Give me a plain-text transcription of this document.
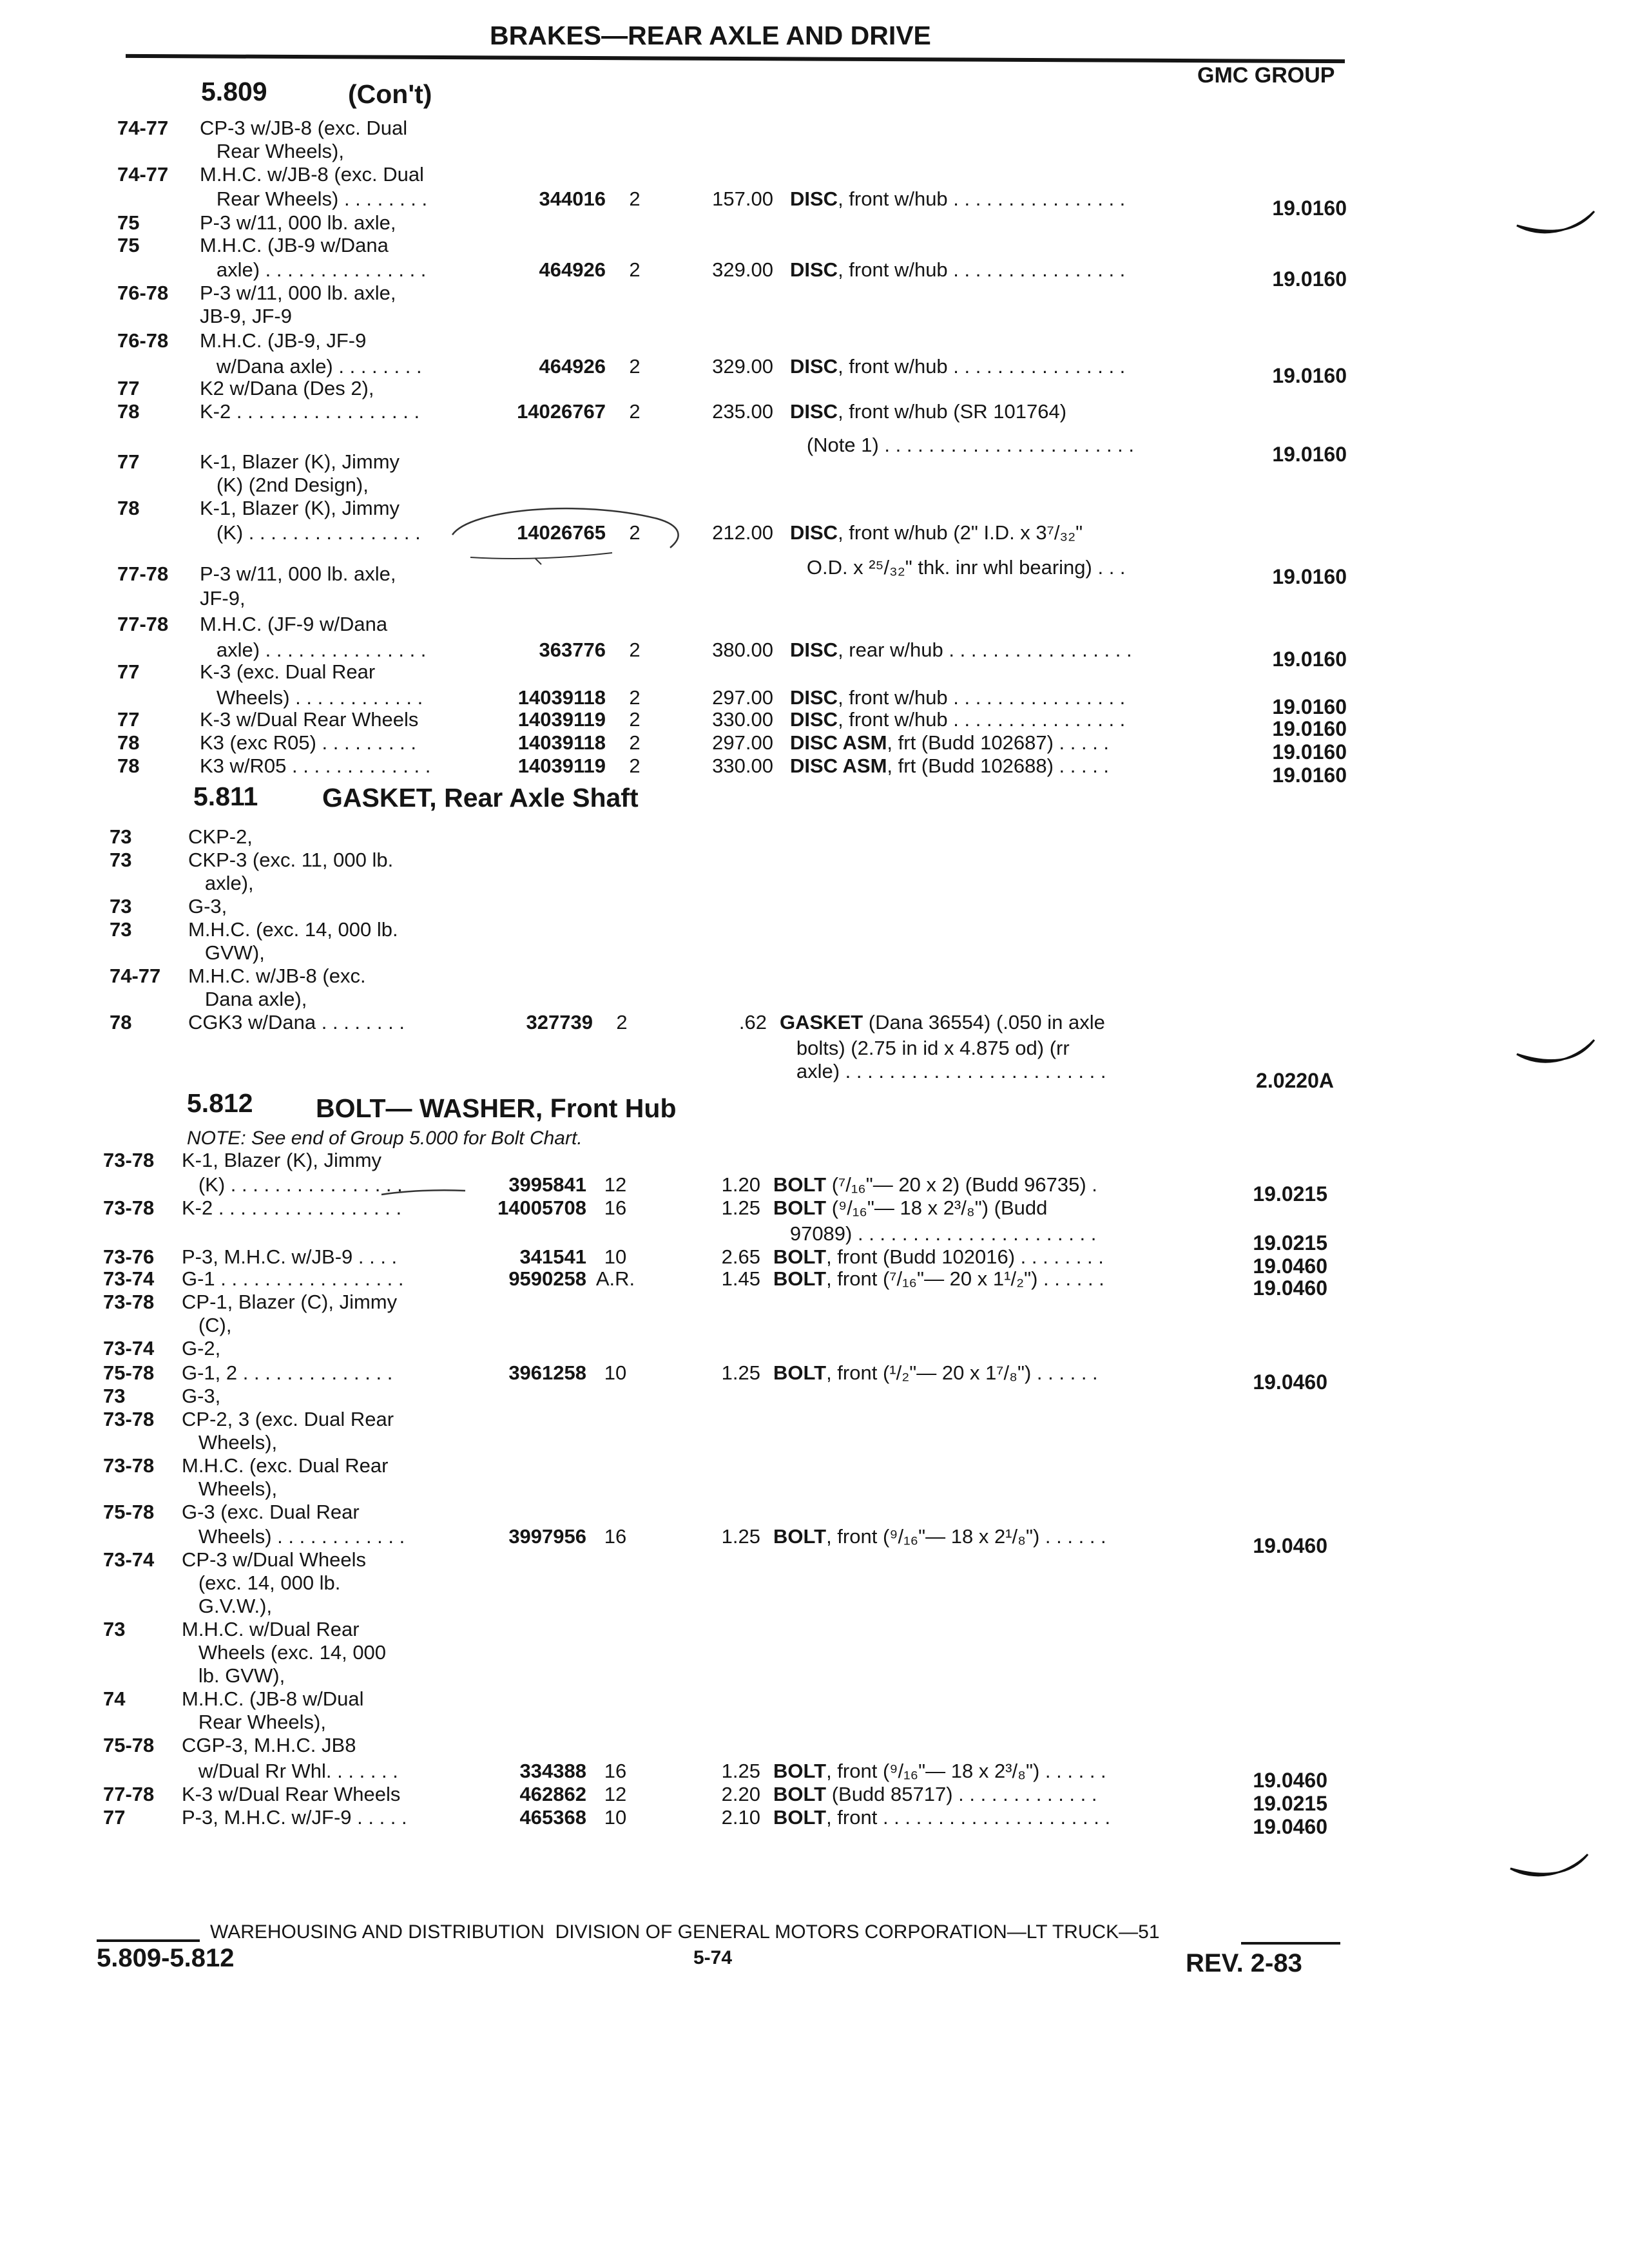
BRAKES—REAR AXLE AND DRIVE
GMC GROUP
5.809	(Con't)
74-77 CP-3 w/JB-8 (exc. Dual
Rear Wheels),
74-77 M.H.C. w/JB-8 (exc. Dual
Rear Wheels) . . . . . . . .	344016	2	157.00 DISC, front w/hub . . . . . . . . . . . . . . . .	19.0160
75	P-3 w/11, 000 lb. axle,
75	M.H.C. (JB-9 w/Dana
axle) . . . . . . . . . . . . . . .	464926	2	329.00 DISC, front w/hub . . . . . . . . . . . . . . . .	19.0160
76-78 P-3 w/11, 000 lb. axle,
JB-9, JF-9
76-78 M.H.C. (JB-9, JF-9
w/Dana axle) . . . . . . . .	464926	2	329.00 DISC, front w/hub . . . . . . . . . . . . . . . .	19.0160
77	K2 w/Dana (Des 2),
78	K-2 . . . . . . . . . . . . . . . . .	14026767	2	235.00 DISC, front w/hub (SR 101764)
(Note 1) . . . . . . . . . . . . . . . . . . . . . . .	19.0160
77	K-1, Blazer (K), Jimmy
(K) (2nd Design),
78	K-1, Blazer (K), Jimmy
(K) . . . . . . . . . . . . . . . .	14026765	2	212.00 DISC, front w/hub (2" I.D. x 3⁷/₃₂"
O.D. x ²⁵/₃₂" thk. inr whl bearing) . . .	19.0160
77-78 P-3 w/11, 000 lb. axle,
JF-9,
77-78 M.H.C. (JF-9 w/Dana
axle) . . . . . . . . . . . . . . .	363776	2	380.00 DISC, rear w/hub . . . . . . . . . . . . . . . . .	19.0160
77	K-3 (exc. Dual Rear
Wheels) . . . . . . . . . . . .	14039118	2	297.00 DISC, front w/hub . . . . . . . . . . . . . . . .	19.0160
77	K-3 w/Dual Rear Wheels	14039119	2	330.00 DISC, front w/hub . . . . . . . . . . . . . . . .	19.0160
78	K3 (exc R05) . . . . . . . . .	14039118	2	297.00 DISC ASM, frt (Budd 102687) . . . . .	19.0160
78	K3 w/R05 . . . . . . . . . . . . .	14039119	2	330.00 DISC ASM, frt (Budd 102688) . . . . .	19.0160
5.811 GASKET, Rear Axle Shaft
73	CKP-2,
73	CKP-3 (exc. 11, 000 lb.
axle),
73	G-3,
73	M.H.C. (exc. 14, 000 lb.
GVW),
74-77 M.H.C. w/JB-8 (exc.
Dana axle),
78	CGK3 w/Dana . . . . . . . .	327739	2	.62 GASKET (Dana 36554) (.050 in axle
bolts) (2.75 in id x 4.875 od) (rr
axle) . . . . . . . . . . . . . . . . . . . . . . . .	2.0220A
5.812 BOLT— WASHER, Front Hub
NOTE: See end of Group 5.000 for Bolt Chart.
73-78 K-1, Blazer (K), Jimmy
(K) . . . . . . . . . . . . . . . .	3995841 12	1.20 BOLT (⁷/₁₆"— 20 x 2) (Budd 96735) .	19.0215
73-78 K-2 . . . . . . . . . . . . . . . . .	14005708 16	1.25 BOLT (⁹/₁₆"— 18 x 2³/₈") (Budd
97089) . . . . . . . . . . . . . . . . . . . . . .	19.0215
73-76 P-3, M.H.C. w/JB-9 . . . .	341541 10	2.65 BOLT, front (Budd 102016) . . . . . . . .	19.0460
73-74 G-1 . . . . . . . . . . . . . . . . .	9590258 A.R.	1.45 BOLT, front (⁷/₁₆"— 20 x 1¹/₂") . . . . . .	19.0460
73-78 CP-1, Blazer (C), Jimmy
(C),
73-74 G-2,
75-78 G-1, 2 . . . . . . . . . . . . . .	3961258 10	1.25 BOLT, front (¹/₂"— 20 x 1⁷/₈") . . . . . .	19.0460
73	G-3,
73-78 CP-2, 3 (exc. Dual Rear
Wheels),
73-78 M.H.C. (exc. Dual Rear
Wheels),
75-78 G-3 (exc. Dual Rear
Wheels) . . . . . . . . . . . .	3997956 16	1.25 BOLT, front (⁹/₁₆"— 18 x 2¹/₈") . . . . . .	19.0460
73-74 CP-3 w/Dual Wheels
(exc. 14, 000 lb.
G.V.W.),
73	M.H.C. w/Dual Rear
Wheels (exc. 14, 000
lb. GVW),
74	M.H.C. (JB-8 w/Dual
Rear Wheels),
75-78 CGP-3, M.H.C. JB8
w/Dual Rr Whl. . . . . . .	334388 16	1.25 BOLT, front (⁹/₁₆"— 18 x 2³/₈") . . . . . .	19.0460
77-78 K-3 w/Dual Rear Wheels	462862 12	2.20 BOLT (Budd 85717) . . . . . . . . . . . . .	19.0215
77	P-3, M.H.C. w/JF-9 . . . . .	465368 10	2.10 BOLT, front . . . . . . . . . . . . . . . . . . . . .	19.0460
WAREHOUSING AND DISTRIBUTION  DIVISION OF GENERAL MOTORS CORPORATION—LT TRUCK—51
5.809-5.812	5-74	REV. 2-83
